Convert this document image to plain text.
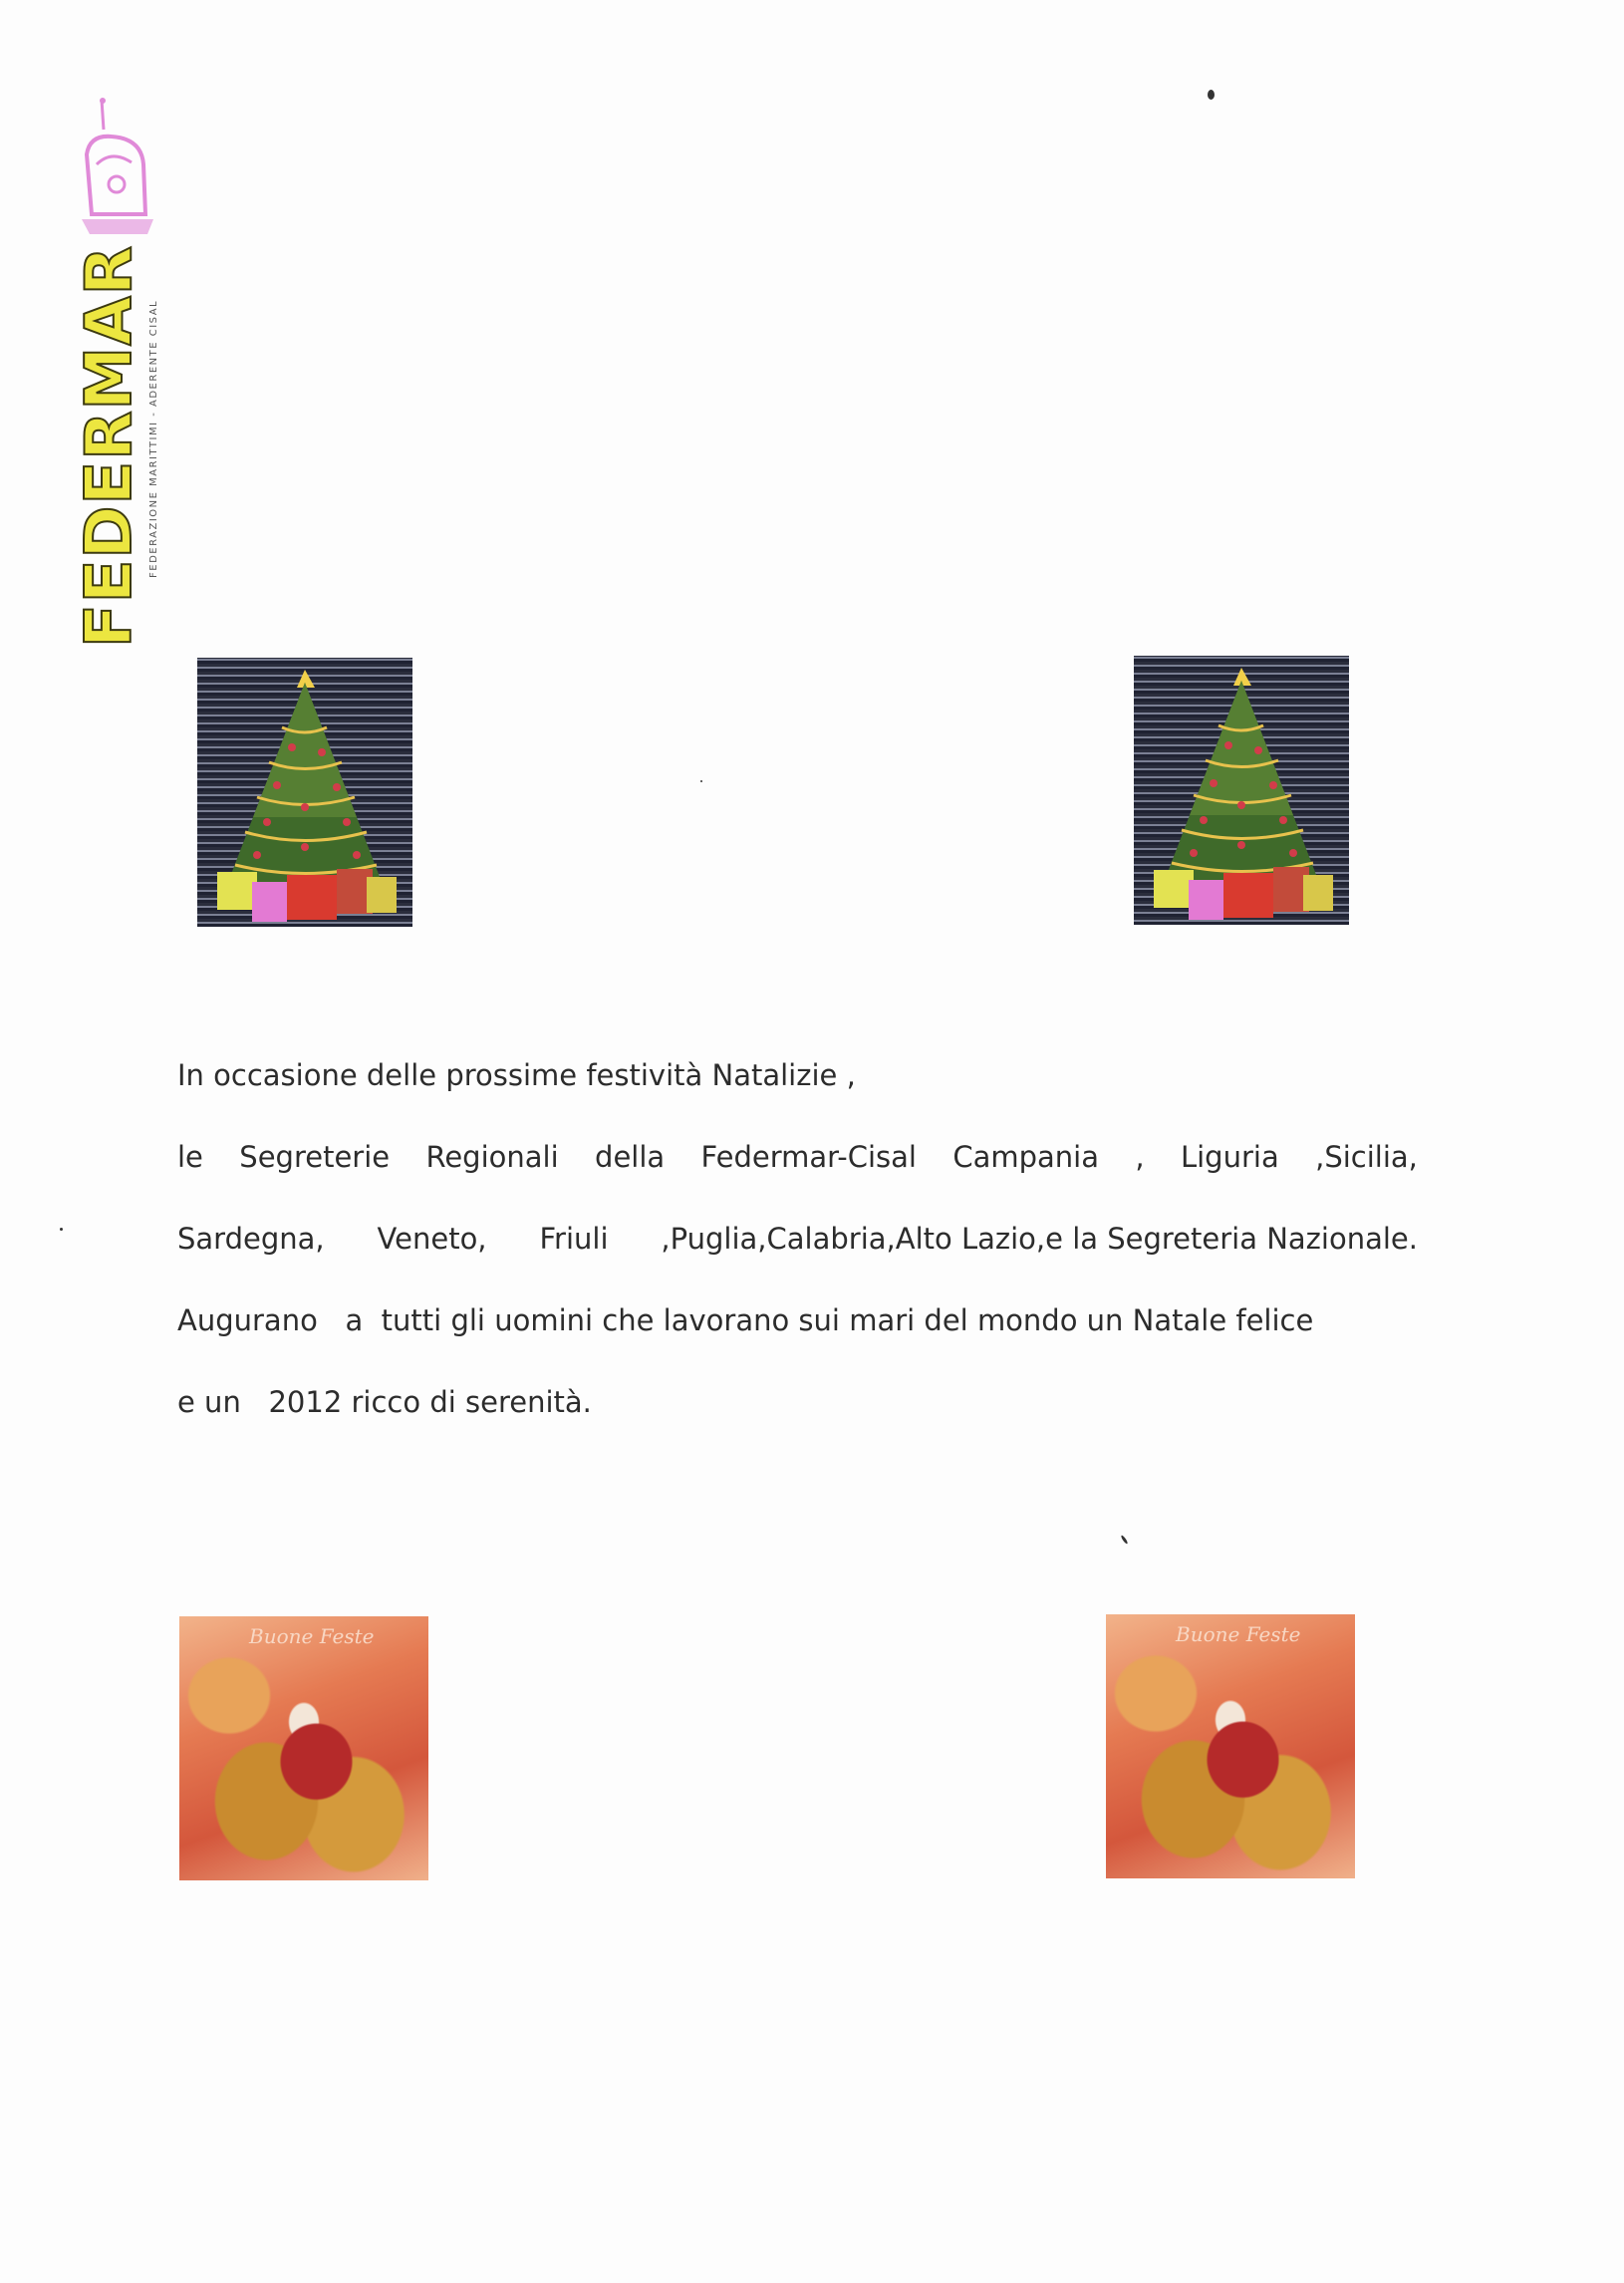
FEDERMAR FEDERAZIONE MARITTIMI - ADERENTE CISAL
In occasione delle prossime festività Natalizie ,
le Segreterie Regionali della Federmar-Cisal Campania , Liguria ,Sicilia,
Sardegna, Veneto, Friuli ,Puglia,Calabria,Alto Lazio,e la Segreteria Nazionale.
Augurano   a  tutti gli uomini che lavorano sui mari del mondo un Natale felice
e un   2012 ricco di serenità.
Buone Feste	Buone Feste
